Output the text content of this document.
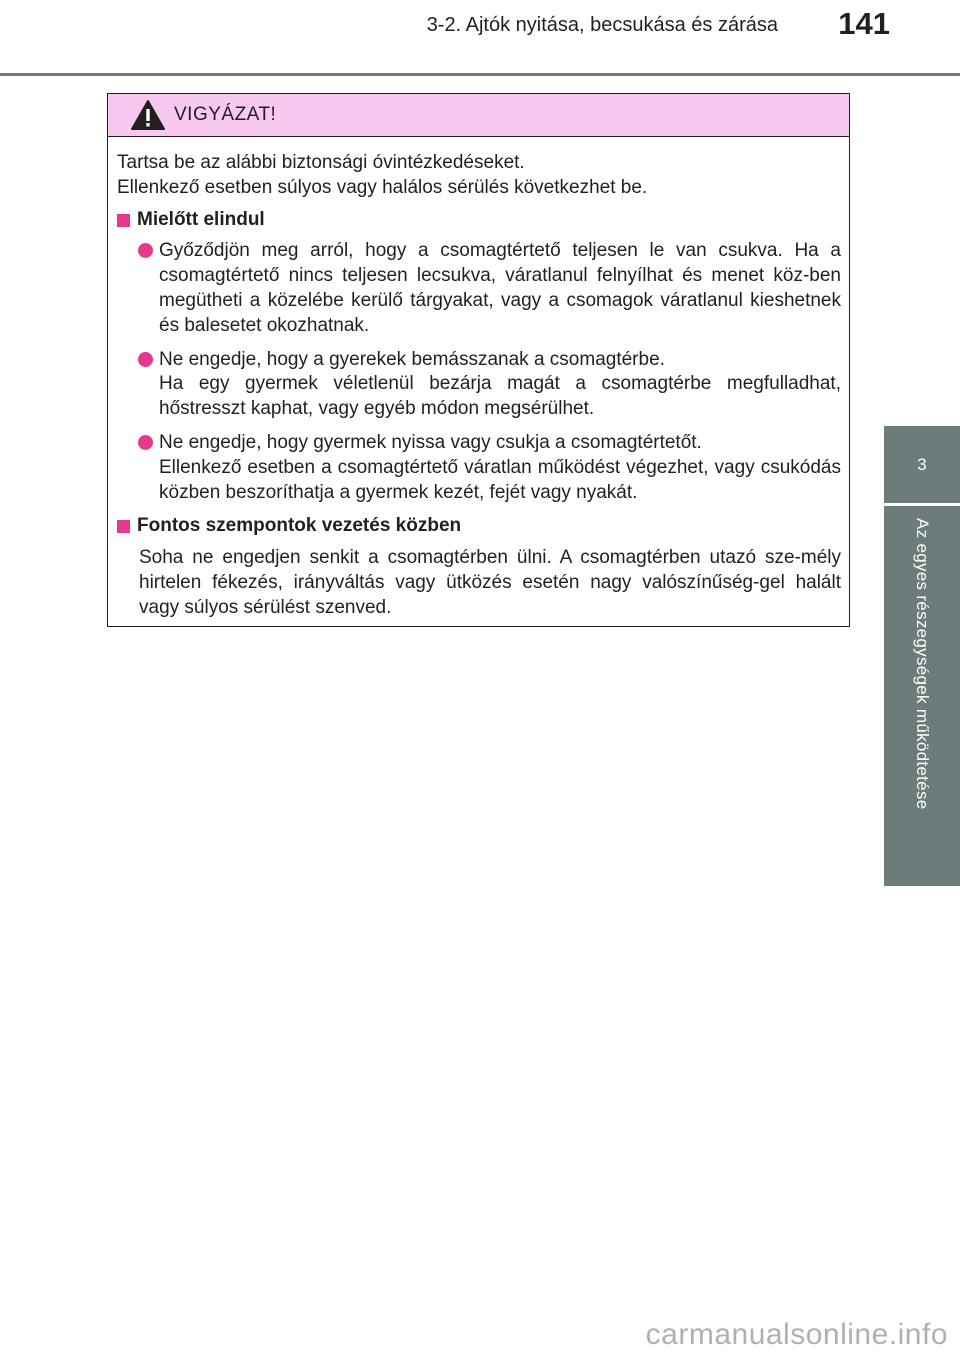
3-2. Ajtók nyitása, becsukása és zárása 141
3
Az egyes részegységek működtetése
VIGYÁZAT!

Tartsa be az alábbi biztonsági óvintézkedéseket.

Ellenkező esetben súlyos vagy halálos sérülés következhet be.

Mielőtt elindul

Győződjön meg arról, hogy a csomagtértető teljesen le van csukva. Ha a csomagtértető nincs teljesen lecsukva, váratlanul felnyílhat és menet köz-ben megütheti a közelébe kerülő tárgyakat, vagy a csomagok váratlanul kieshetnek és balesetet okozhatnak.

Ne engedje, hogy a gyerekek bemásszanak a csomagtérbe.

Ha egy gyermek véletlenül bezárja magát a csomagtérbe megfulladhat, hőstresszt kaphat, vagy egyéb módon megsérülhet.

Ne engedje, hogy gyermek nyissa vagy csukja a csomagtértetőt.

Ellenkező esetben a csomagtértető váratlan működést végezhet, vagy csukódás közben beszoríthatja a gyermek kezét, fejét vagy nyakát.

Fontos szempontok vezetés közben

Soha ne engedjen senkit a csomagtérben ülni. A csomagtérben utazó sze-mély hirtelen fékezés, irányváltás vagy ütközés esetén nagy valószínűség-gel halált vagy súlyos sérülést szenved.

carmanualsonline.info
